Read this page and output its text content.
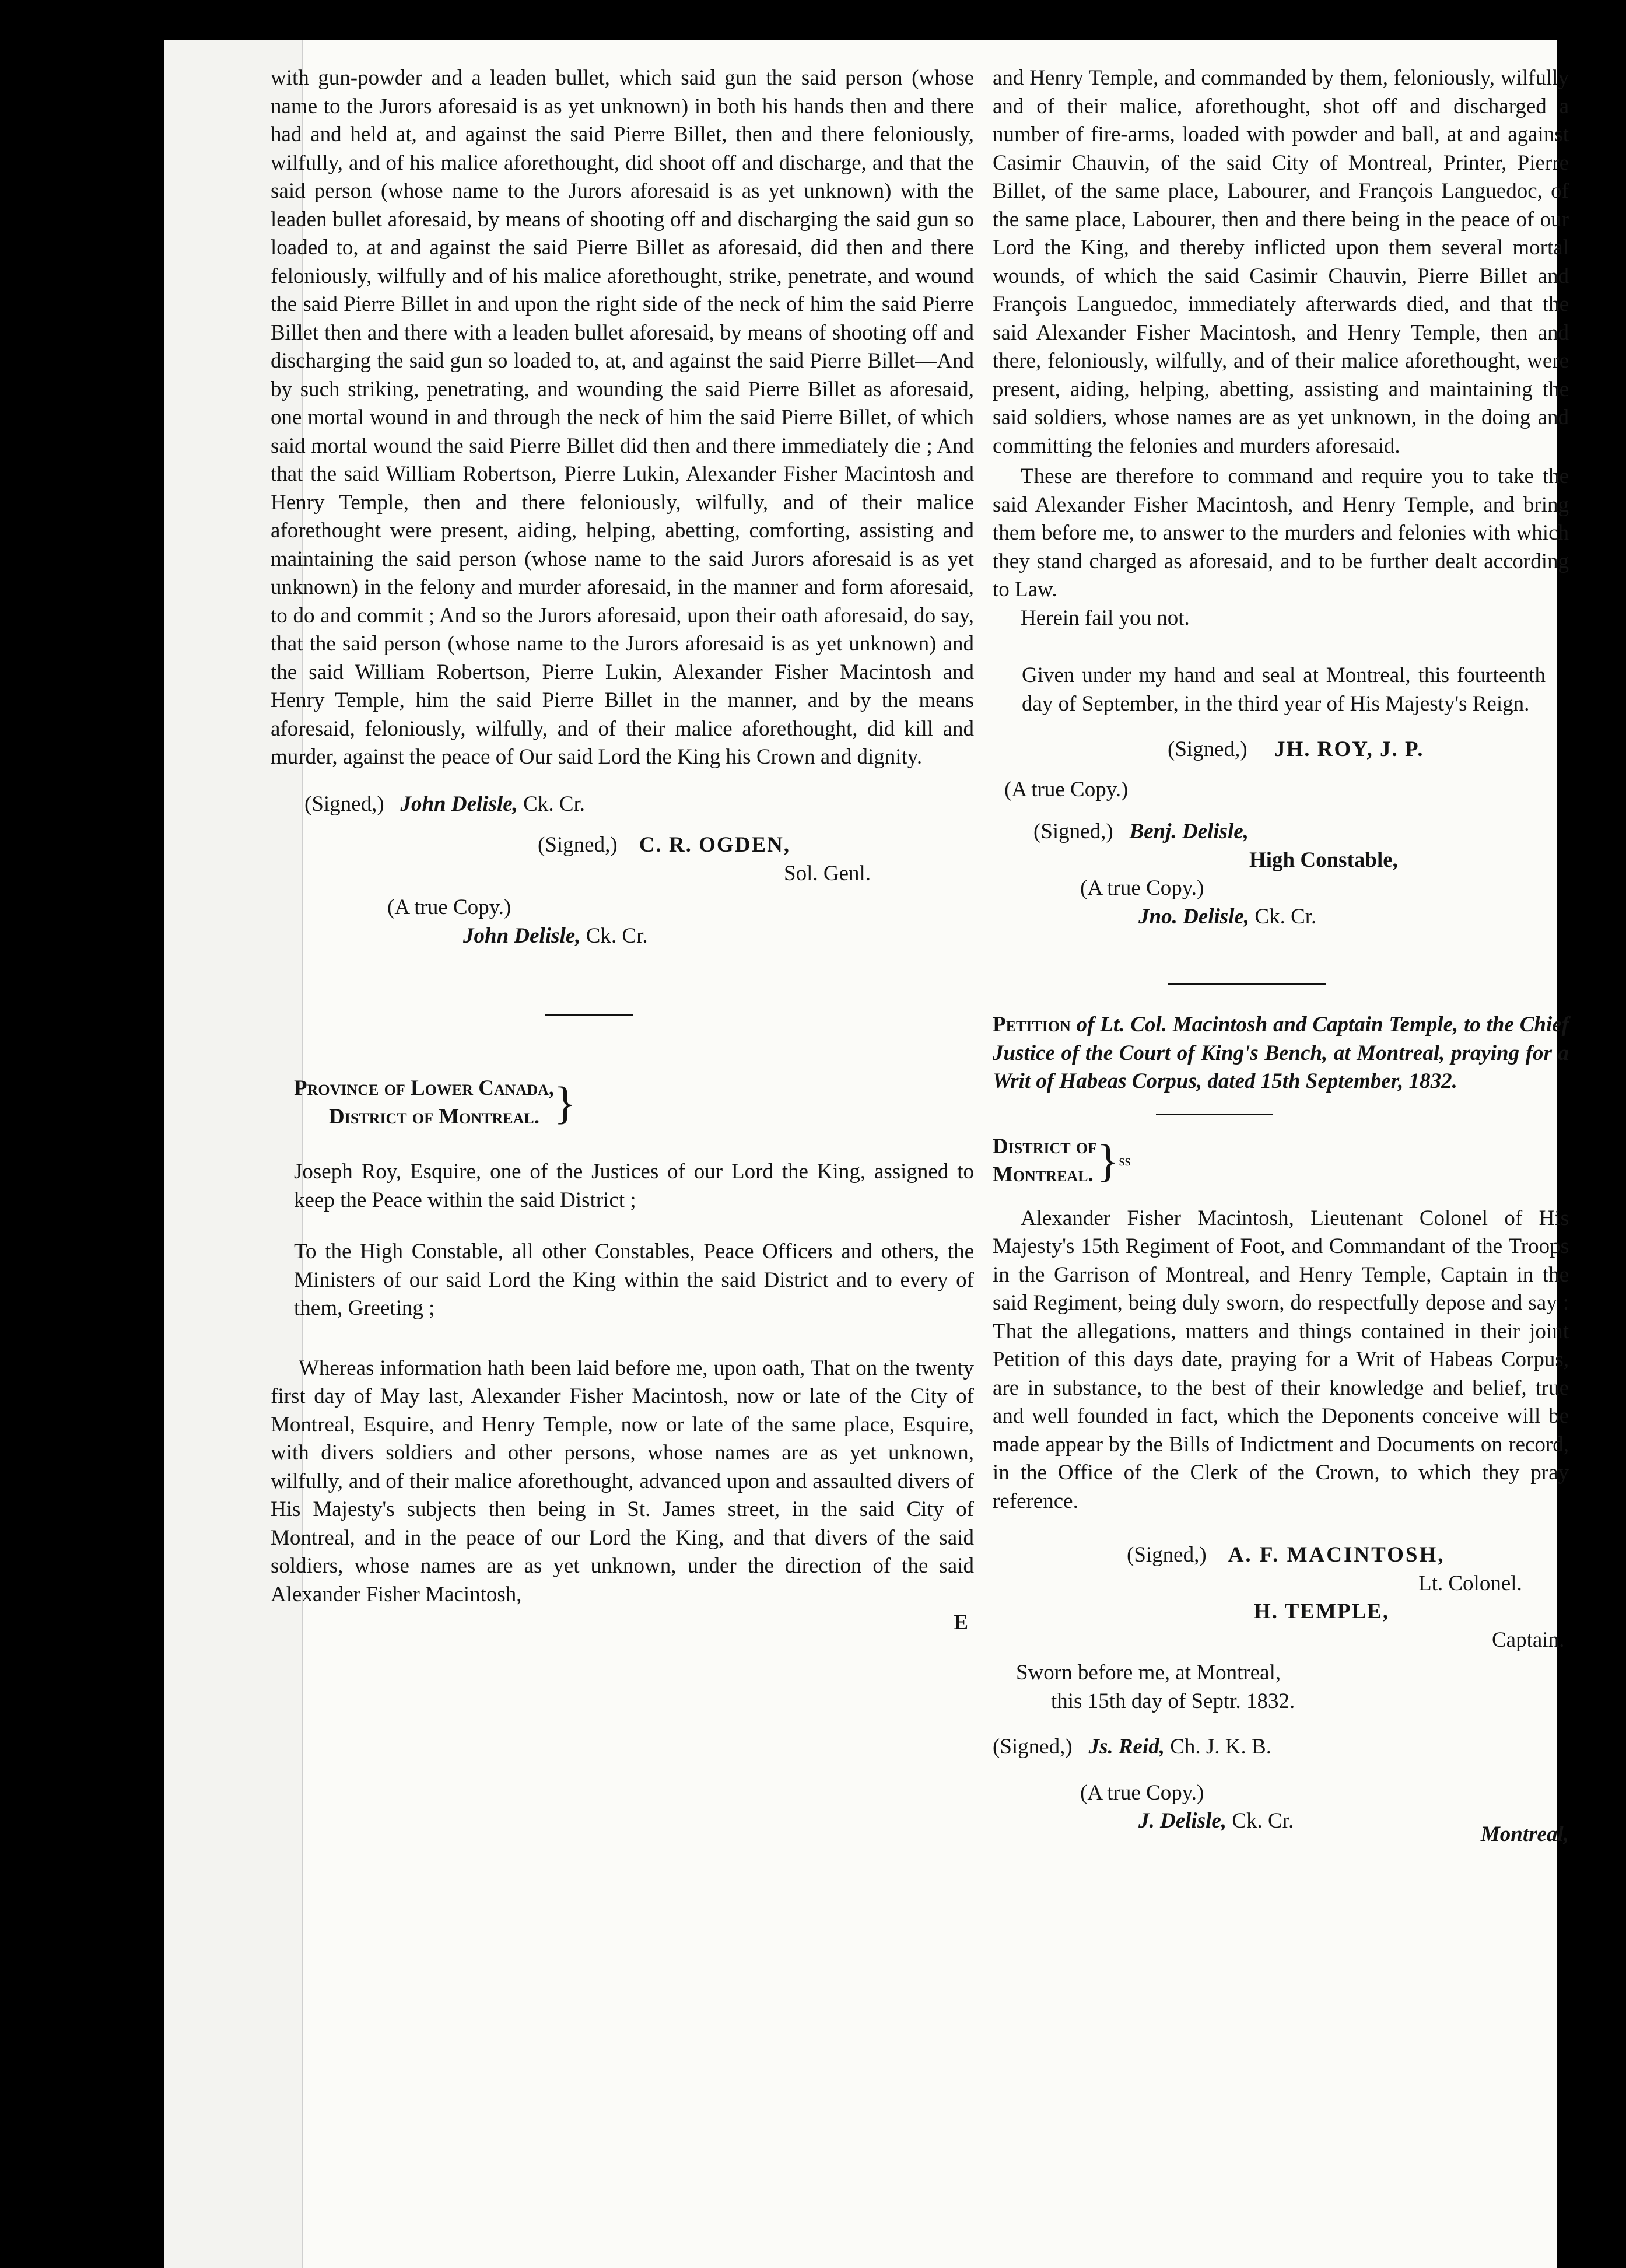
with gun-powder and a leaden bullet, which said gun the said person (whose name to the Jurors aforesaid is as yet unknown) in both his hands then and there had and held at, and against the said Pierre Billet, then and there feloniously, wilfully, and of his malice aforethought, did shoot off and discharge, and that the said person (whose name to the Jurors aforesaid is as yet unknown) with the leaden bullet aforesaid, by means of shooting off and discharging the said gun so loaded to, at and against the said Pierre Billet as aforesaid, did then and there feloniously, wilfully and of his malice aforethought, strike, penetrate, and wound the said Pierre Billet in and upon the right side of the neck of him the said Pierre Billet then and there with a leaden bullet aforesaid, by means of shooting off and discharging the said gun so loaded to, at, and against the said Pierre Billet—And by such striking, penetrating, and wounding the said Pierre Billet as aforesaid, one mortal wound in and through the neck of him the said Pierre Billet, of which said mortal wound the said Pierre Billet did then and there immediately die ; And that the said William Robertson, Pierre Lukin, Alexander Fisher Macintosh and Henry Temple, then and there feloniously, wilfully, and of their malice aforethought were present, aiding, helping, abetting, comforting, assisting and maintaining the said person (whose name to the said Jurors aforesaid is as yet unknown) in the felony and murder aforesaid, in the manner and form aforesaid, to do and commit ; And so the Jurors aforesaid, upon their oath aforesaid, do say, that the said person (whose name to the Jurors aforesaid is as yet unknown) and the said William Robertson, Pierre Lukin, Alexander Fisher Macintosh and Henry Temple, him the said Pierre Billet in the manner, and by the means aforesaid, feloniously, wilfully, and of their malice aforethought, did kill and murder, against the peace of Our said Lord the King his Crown and dignity.

(Signed,) John Delisle, Ck. Cr.
(Signed,) C. R. OGDEN,
Sol. Genl.
(A true Copy.)
John Delisle, Ck. Cr.
Province of Lower Canada,
District of Montreal. }

Joseph Roy, Esquire, one of the Justices of our Lord the King, assigned to keep the Peace within the said District ;

To the High Constable, all other Constables, Peace Officers and others, the Ministers of our said Lord the King within the said District and to every of them, Greeting ;

Whereas information hath been laid before me, upon oath, That on the twenty first day of May last, Alexander Fisher Macintosh, now or late of the City of Montreal, Esquire, and Henry Temple, now or late of the same place, Esquire, with divers soldiers and other persons, whose names are as yet unknown, wilfully, and of their malice aforethought, advanced upon and assaulted divers of His Majesty's subjects then being in St. James street, in the said City of Montreal, and in the peace of our Lord the King, and that divers of the said soldiers, whose names are as yet unknown, under the direction of the said Alexander Fisher Macintosh,

E

and Henry Temple, and commanded by them, feloniously, wilfully and of their malice, aforethought, shot off and discharged a number of fire-arms, loaded with powder and ball, at and against Casimir Chauvin, of the said City of Montreal, Printer, Pierre Billet, of the same place, Labourer, and François Languedoc, of the same place, Labourer, then and there being in the peace of our Lord the King, and thereby inflicted upon them several mortal wounds, of which the said Casimir Chauvin, Pierre Billet and François Languedoc, immediately afterwards died, and that the said Alexander Fisher Macintosh, and Henry Temple, then and there, feloniously, wilfully, and of their malice aforethought, were present, aiding, helping, abetting, assisting and maintaining the said soldiers, whose names are as yet unknown, in the doing and committing the felonies and murders aforesaid.

These are therefore to command and require you to take the said Alexander Fisher Macintosh, and Henry Temple, and bring them before me, to answer to the murders and felonies with which they stand charged as aforesaid, and to be further dealt according to Law.

Herein fail you not.

Given under my hand and seal at Montreal, this fourteenth day of September, in the third year of His Majesty's Reign.

(Signed,) JH. ROY, J. P.
(A true Copy.)
(Signed,) Benj. Delisle,
High Constable,
(A true Copy.)
Jno. Delisle, Ck. Cr.

Petition of Lt. Col. Macintosh and Captain Temple, to the Chief Justice of the Court of King's Bench, at Montreal, praying for a Writ of Habeas Corpus, dated 15th September, 1832.

District of
Montreal. } ss

Alexander Fisher Macintosh, Lieutenant Colonel of His Majesty's 15th Regiment of Foot, and Commandant of the Troops in the Garrison of Montreal, and Henry Temple, Captain in the said Regiment, being duly sworn, do respectfully depose and say : That the allegations, matters and things contained in their joint Petition of this days date, praying for a Writ of Habeas Corpus, are in substance, to the best of their knowledge and belief, true and well founded in fact, which the Deponents conceive will be made appear by the Bills of Indictment and Documents on record, in the Office of the Clerk of the Crown, to which they pray reference.

(Signed,) A. F. MACINTOSH,
Lt. Colonel.
H. TEMPLE,
Captain.
Sworn before me, at Montreal,
this 15th day of Septr. 1832.
(Signed,) Js. Reid, Ch. J. K. B.
(A true Copy.)
J. Delisle, Ck. Cr.
Montreal,
